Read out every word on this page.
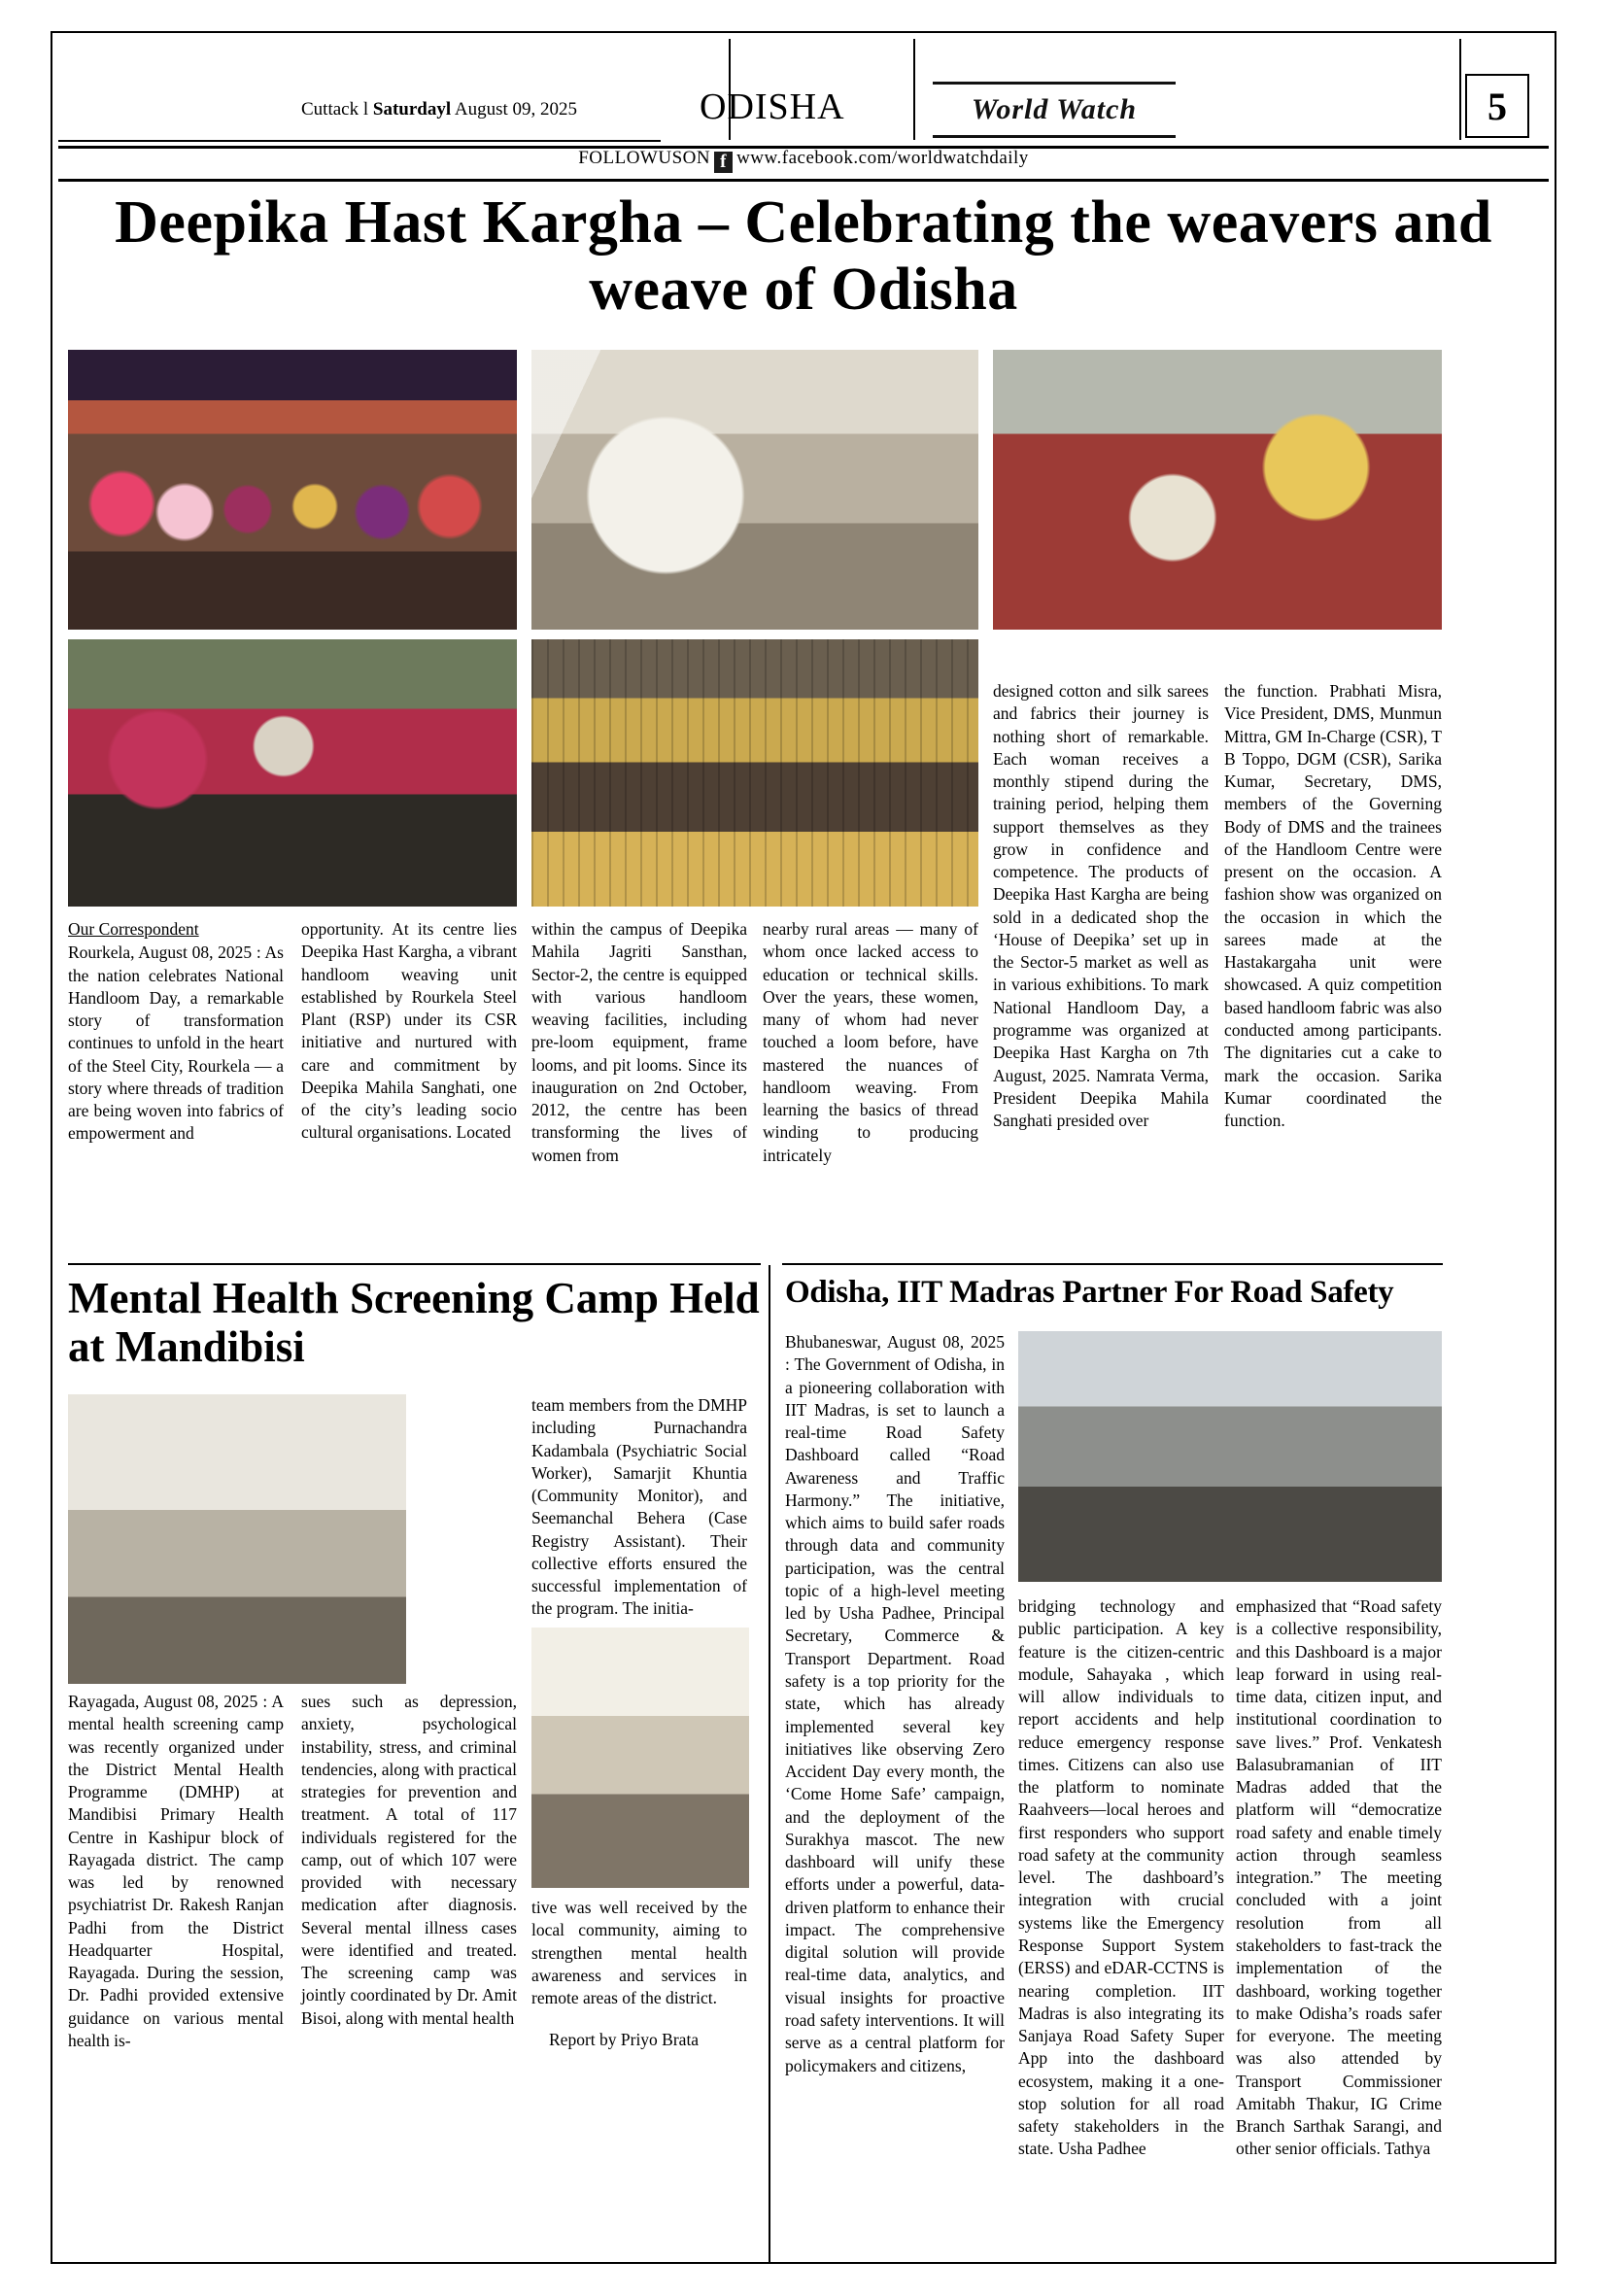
Cuttack l Saturdayl August 09, 2025	ODISHA	World Watch	5
FOLLOWUSON f www.facebook.com/worldwatchdaily
Deepika Hast Kargha – Celebrating the weavers and weave of Odisha
Our Correspondent
Rourkela, August 08, 2025 : As the nation celebrates National Handloom Day, a remarkable story of transformation continues to unfold in the heart of the Steel City, Rourkela — a story where threads of tradition are being woven into fabrics of empowerment and
opportunity. At its centre lies Deepika Hast Kargha, a vibrant handloom weaving unit established by Rourkela Steel Plant (RSP) under its CSR initiative and nurtured with care and commitment by Deepika Mahila Sanghati, one of the city’s leading socio cultural organisations. Located
within the campus of Deepika Mahila Jagriti Sansthan, Sector-2, the centre is equipped with various handloom weaving facilities, including pre-loom equipment, frame looms, and pit looms. Since its inauguration on 2nd October, 2012, the centre has been transforming the lives of women from
nearby rural areas — many of whom once lacked access to education or technical skills. Over the years, these women, many of whom had never touched a loom before, have mastered the nuances of handloom weaving. From learning the basics of thread winding to producing intricately
designed cotton and silk sarees and fabrics their journey is nothing short of remarkable. Each woman receives a monthly stipend during the training period, helping them support themselves as they grow in confidence and competence. The products of Deepika Hast Kargha are being sold in a dedicated shop the ‘House of Deepika’ set up in the Sector-5 market as well as in various exhibitions. To mark National Handloom Day, a programme was organized at Deepika Hast Kargha on 7th August, 2025. Namrata Verma, President Deepika Mahila Sanghati presided over
the function. Prabhati Misra, Vice President, DMS, Munmun Mittra, GM In-Charge (CSR), T B Toppo, DGM (CSR), Sarika Kumar, Secretary, DMS, members of the Governing Body of DMS and the trainees of the Handloom Centre were present on the occasion. A fashion show was organized on the occasion in which the sarees made at the Hastakargaha unit were showcased. A quiz competition based handloom fabric was also conducted among participants. The dignitaries cut a cake to mark the occasion. Sarika Kumar coordinated the function.
Mental Health Screening Camp Held at Mandibisi
Rayagada, August 08, 2025 : A mental health screening camp was recently organized under the District Mental Health Programme (DMHP) at Mandibisi Primary Health Centre in Kashipur block of Rayagada district. The camp was led by renowned psychiatrist Dr. Rakesh Ranjan Padhi from the District Headquarter Hospital, Rayagada. During the session, Dr. Padhi provided extensive guidance on various mental health is-
sues such as depression, anxiety, psychological instability, stress, and criminal tendencies, along with practical strategies for prevention and treatment. A total of 117 individuals registered for the camp, out of which 107 were provided with necessary medication after diagnosis. Several mental illness cases were identified and treated. The screening camp was jointly coordinated by Dr. Amit Bisoi, along with mental health
team members from the DMHP including Purnachandra Kadambala (Psychiatric Social Worker), Samarjit Khuntia (Community Monitor), and Seemanchal Behera (Case Registry Assistant). Their collective efforts ensured the successful implementation of the program. The initia-
tive was well received by the local community, aiming to strengthen mental health awareness and services in remote areas of the district.
Report by Priyo Brata
Odisha, IIT Madras Partner For Road Safety
Bhubaneswar, August 08, 2025 : The Government of Odisha, in a pioneering collaboration with IIT Madras, is set to launch a real-time Road Safety Dashboard called “Road Awareness and Traffic Harmony.” The initiative, which aims to build safer roads through data and community participation, was the central topic of a high-level meeting led by Usha Padhee, Principal Secretary, Commerce & Transport Department. Road safety is a top priority for the state, which has already implemented several key initiatives like observing Zero Accident Day every month, the ‘Come Home Safe’ campaign, and the deployment of the Surakhya mascot. The new dashboard will unify these efforts under a powerful, data-driven platform to enhance their impact. The comprehensive digital solution will provide real-time data, analytics, and visual insights for proactive road safety interventions. It will serve as a central platform for policymakers and citizens,
bridging technology and public participation. A key feature is the citizen-centric module, Sahayaka , which will allow individuals to report accidents and help reduce emergency response times. Citizens can also use the platform to nominate Raahveers—local heroes and first responders who support road safety at the community level. The dashboard’s integration with crucial systems like the Emergency Response Support System (ERSS) and eDAR-CCTNS is nearing completion. IIT Madras is also integrating its Sanjaya Road Safety Super App into the dashboard ecosystem, making it a one-stop solution for all road safety stakeholders in the state. Usha Padhee
emphasized that “Road safety is a collective responsibility, and this Dashboard is a major leap forward in using real-time data, citizen input, and institutional coordination to save lives.” Prof. Venkatesh Balasubramanian of IIT Madras added that the platform will “democratize road safety and enable timely action through seamless integration.” The meeting concluded with a joint resolution from all stakeholders to fast-track the implementation of the dashboard, working together to make Odisha’s roads safer for everyone. The meeting was also attended by Transport Commissioner Amitabh Thakur, IG Crime Branch Sarthak Sarangi, and other senior officials. Tathya
